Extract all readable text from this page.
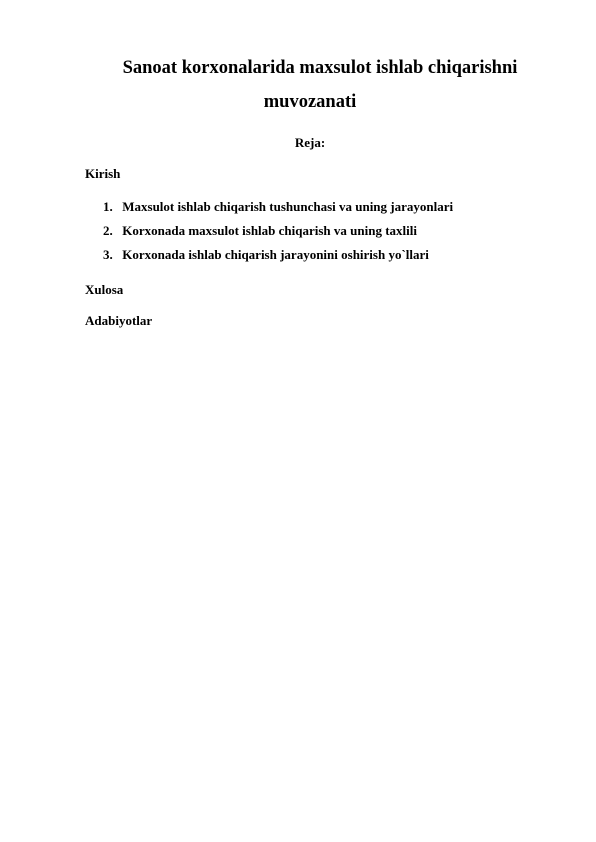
Sanoat korxonalarida maxsulot ishlab chiqarishni
muvozanati

Reja:

Kirish

1. Maxsulot ishlab chiqarish tushunchasi va uning jarayonlari
2. Korxonada maxsulot ishlab chiqarish va uning taxlili
3. Korxonada ishlab chiqarish jarayonini oshirish yo`llari

Xulosa

Adabiyotlar
